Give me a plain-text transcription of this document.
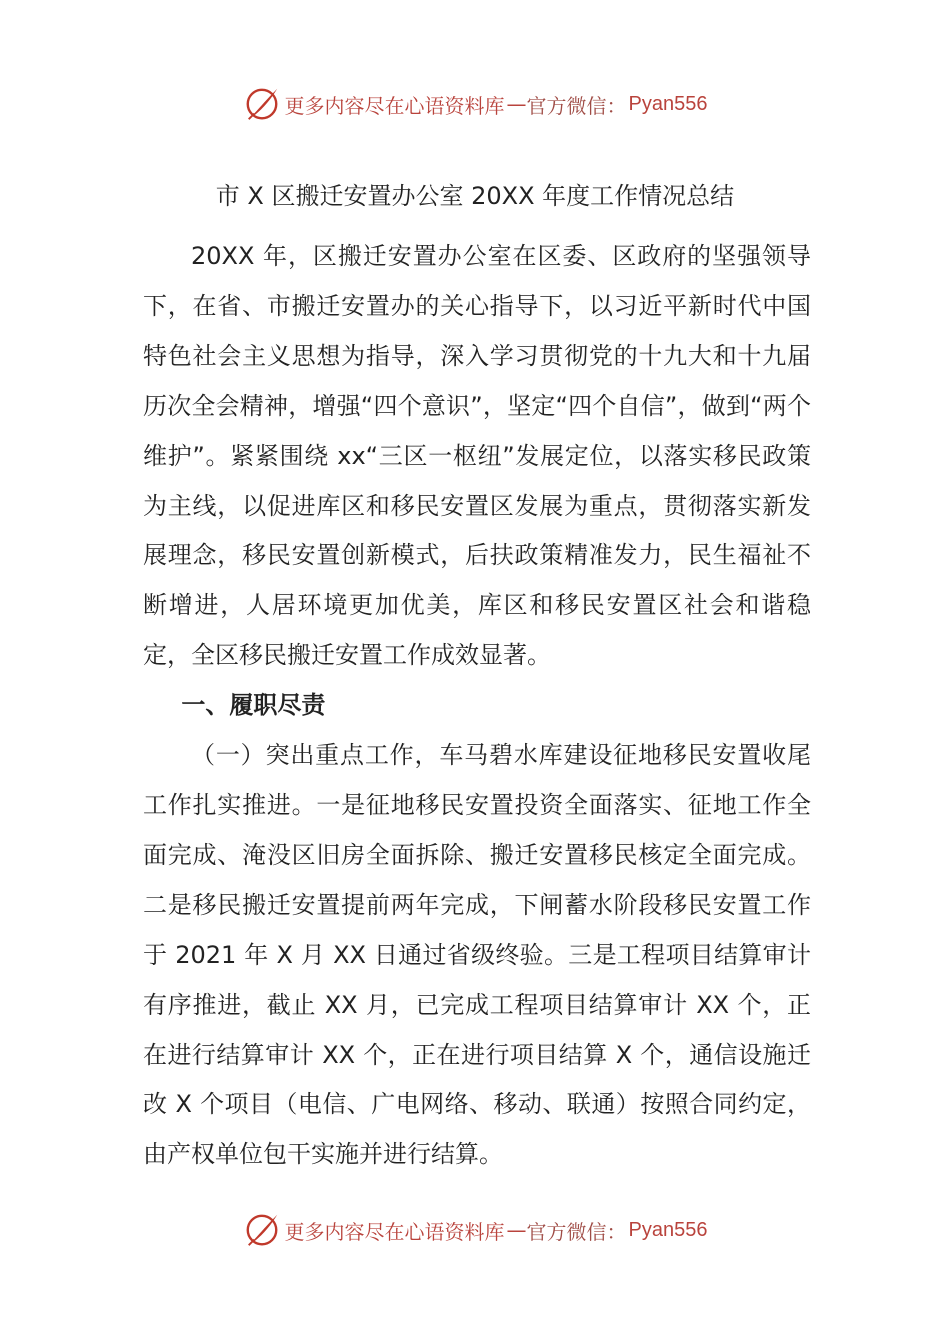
更多内容尽在心语资料库 — 官方微信： Pyan556
市 X 区搬迁安置办公室 20XX 年度工作情况总结

20XX 年，区搬迁安置办公室在区委、区政府的坚强领导下，在省、市搬迁安置办的关心指导下，以习近平新时代中国特色社会主义思想为指导，深入学习贯彻党的十九大和十九届历次全会精神，增强“四个意识”，坚定“四个自信”，做到“两个维护”。紧紧围绕 xx“三区一枢纽”发展定位，以落实移民政策为主线，以促进库区和移民安置区发展为重点，贯彻落实新发展理念，移民安置创新模式，后扶政策精准发力，民生福祉不断增进，人居环境更加优美，库区和移民安置区社会和谐稳定，全区移民搬迁安置工作成效显著。

一、履职尽责

（一）突出重点工作，车马碧水库建设征地移民安置收尾工作扎实推进。一是征地移民安置投资全面落实、征地工作全面完成、淹没区旧房全面拆除、搬迁安置移民核定全面完成。二是移民搬迁安置提前两年完成，下闸蓄水阶段移民安置工作于 2021 年 X 月 XX 日通过省级终验。三是工程项目结算审计有序推进，截止 XX 月，已完成工程项目结算审计 XX 个，正在进行结算审计 XX 个，正在进行项目结算 X 个，通信设施迁改 X 个项目（电信、广电网络、移动、联通）按照合同约定，由产权单位包干实施并进行结算。

更多内容尽在心语资料库 — 官方微信： Pyan556
